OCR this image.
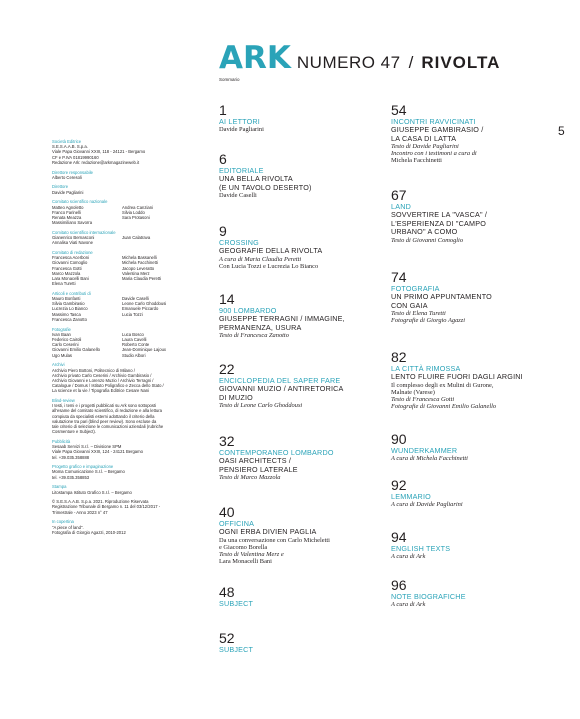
ARK NUMERO 47 / RIVOLTA
Sommario
5
Società Editrice
S.E.S.A.A.B. S.p.a.
Viale Papa Giovanni XXIII, 118 - 24121 - Bergamo
CF e P.IVA 01819990160
Redazione Ark: redazione@arkmagazineweb.it
Direttore responsabile
Alberto Ceresoli
Direttore
Davide Pagliarini
Comitato scientifico nazionale
Matteo Agnoletto	Andrea Canziani
Franco Farinelli	Silvia Loddo
Renata Meazza	Sara Protasoni
Massimiliano Savorra
Comitato scientifico internazionale
Gianenrico Bernasconi	Juan Calatrava
Annalisa Viati Navone
Comitato di redazione
Francesca Acerboni	Michela Bassanelli
Giovanni Comoglio	Michela Facchinetti
Francesca Gotti	Jacopo Leveratto
Marco Mazzola	Valentina Merz
Lara Monacelli Bani	Maria Claudia Peretti
Elena Turetti
Articoli e contributi di
Mauro Bonfanti	Davide Caselli
Silvia Gambirasio	Leone Carlo Ghoddousi
Lucrezia Lo Bianco	Emanuele Piccardo
Massimo Tasca	Lucia Tozzi
Francesca Zanotto
Fotografie
Ivan Baan	Luca Bosco
Federico Cairoli	Laura Cavelli
Carlo Ceserini	Roberto Conte
Giovanni Emilio Galanello	Jean-Dominique Lajoux
Ugo Mulas	Studio Albori
Archivi
Archivio Piero Bottoni, Politecnico di Milano /
Archivio privato Carlo Ceserini / Archivio Gambirasio /
Archivio Giovanni e Lorenzo Muzio / Archivio Terragni /
Catalogue / Domus / Istituto Poligrafico e Zecca dello Stato /
La science et la vie / Tipografia Editrice Cesare Nani
Blind-review
I testi, i temi e i progetti pubblicati su Ark sono sottoposti
all'esame del comitato scientifico, di redazione e alla lettura
compiuta da specialisti esterni adottando il criterio della
valutazione tra pari (blind peer review). Sono escluse da
tale criterio di selezione le comunicazioni aziendali (rubriche
Cosmenture e Subject).
Pubblicità
Sesaab Servizi S.r.l. – Divisione SPM
Viale Papa Giovanni XXIII, 124 - 24121 Bergamo
tel. +39.035.358888
Progetto grafico e impaginazione
Moma Comunicazione S.r.l. – Bergamo
tel. +39.035.358853
Stampa
Litostampa Istituto Grafico S.r.l. – Bergamo
© S.E.S.A.A.B. S.p.a. 2021. Riproduzione Riservata
Registrazione Tribunale di Bergamo n. 11 del 03/12/2017 -
Trimestrale - Anno 2023 n° 47
In copertina
"A piece of land".
Fotografia di Giorgio Agazzi, 2010-2012
1
AI LETTORI
Davide Pagliarini
6
EDITORIALE
UNA BELLA RIVOLTA
(E UN TAVOLO DESERTO)
Davide Caselli
9
CROSSING
GEOGRAFIE DELLA RIVOLTA
A cura di Maria Claudia Peretti
Con Lucia Tozzi e Lucrezia Lo Bianco
14
900 LOMBARDO
GIUSEPPE TERRAGNI / IMMAGINE,
PERMANENZA, USURA
Testo di Francesca Zanotto
22
ENCICLOPEDIA DEL SAPER FARE
GIOVANNI MUZIO / ANTIRETORICA
DI MUZIO
Testo di Leone Carlo Ghoddousi
32
CONTEMPORANEO LOMBARDO
OASI ARCHITECTS /
PENSIERO LATERALE
Testo di Marco Mazzola
40
OFFICINA
OGNI ERBA DIVIEN PAGLIA
Da una conversazione con Carlo Micheletti
e Giacomo Borella
Testo di Valentina Merz e
Lara Monacelli Bani
48
SUBJECT
52
SUBJECT
54
INCONTRI RAVVICINATI
GIUSEPPE GAMBIRASIO /
LA CASA DI LATTA
Testo di Davide Pagliarini
Incontro con i testimoni a cura di
Michela Facchinetti
67
LAND
SOVVERTIRE LA "VASCA" /
L'ESPERIENZA DI "CAMPO
URBANO" A COMO
Testo di Giovanni Comoglio
74
FOTOGRAFIA
UN PRIMO APPUNTAMENTO
CON GAIA
Testo di Elena Turetti
Fotografie di Giorgio Agazzi
82
LA CITTÀ RIMOSSA
LENTO FLUIRE FUORI DAGLI ARGINI
Il complesso degli ex Mulini di Gurone,
Malnate (Varese)
Testo di Francesca Gotti
Fotografie di Giovanni Emilio Galanello
90
WUNDERKAMMER
A cura di Michela Facchinetti
92
LEMMARIO
A cura di Davide Pagliarini
94
ENGLISH TEXTS
A cura di Ark
96
NOTE BIOGRAFICHE
A cura di Ark
